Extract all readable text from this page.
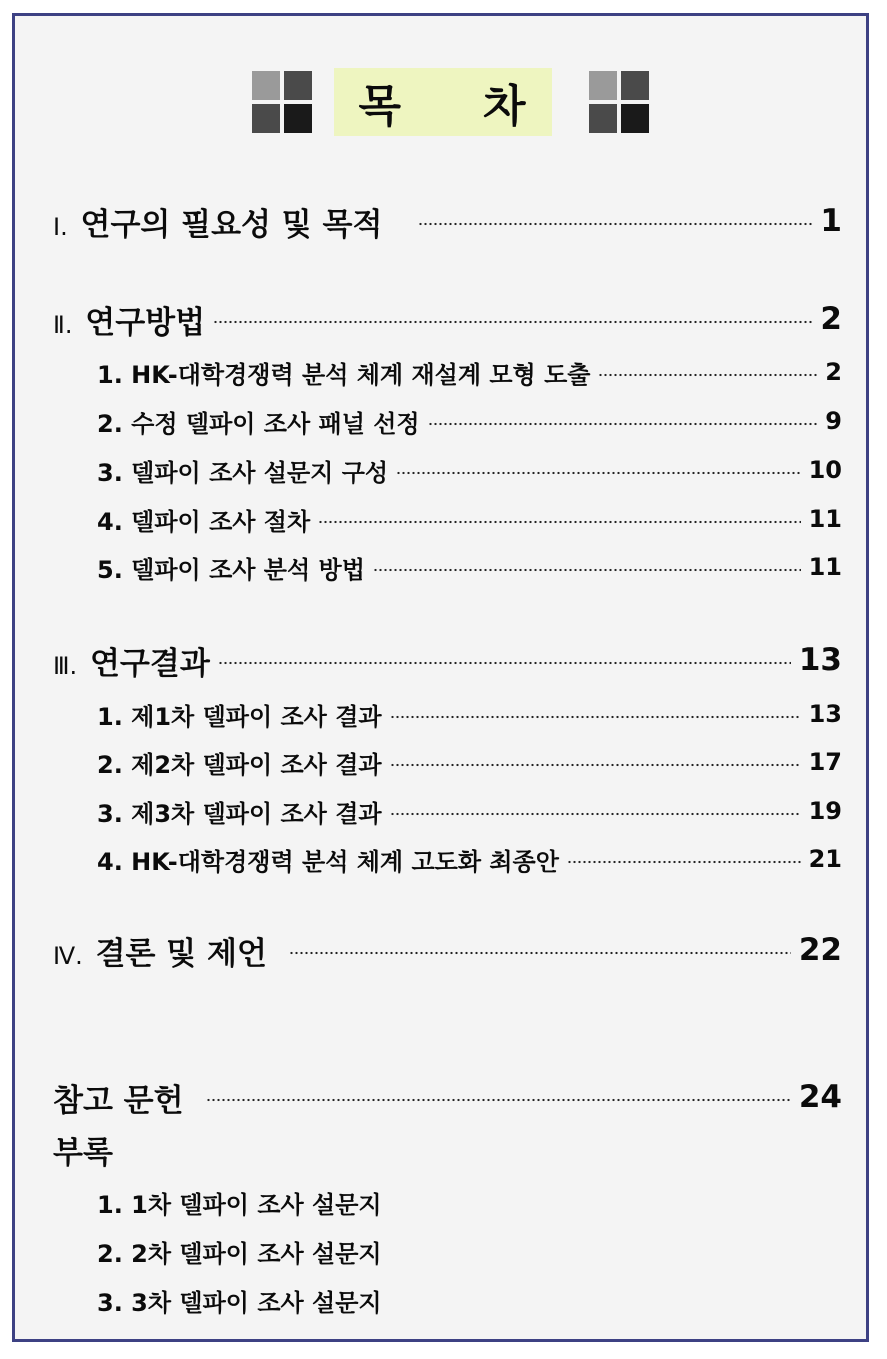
목 차
Ⅰ. 연구의 필요성 및 목적	1
Ⅱ. 연구방법	2
1. HK-대학경쟁력 분석 체계 재설계 모형 도출	2
2. 수정 델파이 조사 패널 선정	9
3. 델파이 조사 설문지 구성	10
4. 델파이 조사 절차	11
5. 델파이 조사 분석 방법	11
Ⅲ. 연구결과	13
1. 제1차 델파이 조사 결과	13
2. 제2차 델파이 조사 결과	17
3. 제3차 델파이 조사 결과	19
4. HK-대학경쟁력 분석 체계 고도화 최종안	21
Ⅳ. 결론 및 제언	22
참고 문헌	24
부록
1. 1차 델파이 조사 설문지
2. 2차 델파이 조사 설문지
3. 3차 델파이 조사 설문지
